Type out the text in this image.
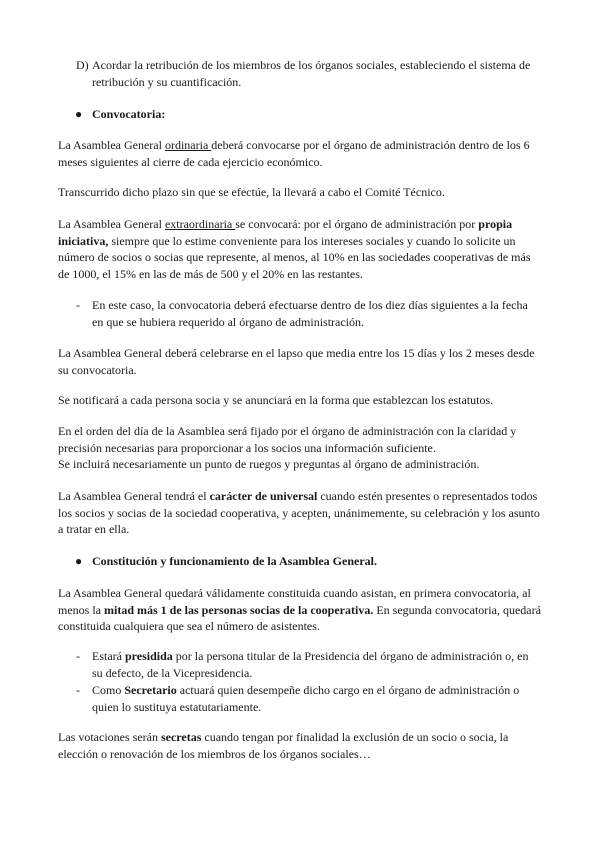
D) Acordar la retribución de los miembros de los órganos sociales, estableciendo el sistema de retribución y su cuantificación.

● Convocatoria:

La Asamblea General ordinaria deberá convocarse por el órgano de administración dentro de los 6 meses siguientes al cierre de cada ejercicio económico.

Transcurrido dicho plazo sin que se efectúe, la llevará a cabo el Comité Técnico.

La Asamblea General extraordinaria se convocará: por el órgano de administración por propia iniciativa, siempre que lo estime conveniente para los intereses sociales y cuando lo solicite un número de socios o socias que represente, al menos, al 10% en las sociedades cooperativas de más de 1000, el 15% en las de más de 500 y el 20% en las restantes.

- En este caso, la convocatoria deberá efectuarse dentro de los diez días siguientes a la fecha en que se hubiera requerido al órgano de administración.

La Asamblea General deberá celebrarse en el lapso que media entre los 15 días y los 2 meses desde su convocatoria.

Se notificará a cada persona socia y se anunciará en la forma que establezcan los estatutos.

En el orden del día de la Asamblea será fijado por el órgano de administración con la claridad y precisión necesarias para proporcionar a los socios una información suficiente.
Se incluirá necesariamente un punto de ruegos y preguntas al órgano de administración.

La Asamblea General tendrá el carácter de universal cuando estén presentes o representados todos los socios y socias de la sociedad cooperativa, y acepten, unánimemente, su celebración y los asunto a tratar en ella.

● Constitución y funcionamiento de la Asamblea General.

La Asamblea General quedará válidamente constituida cuando asistan, en primera convocatoria, al menos la mitad más 1 de las personas socias de la cooperativa. En segunda convocatoria, quedará constituida cualquiera que sea el número de asistentes.

- Estará presidida por la persona titular de la Presidencia del órgano de administración o, en su defecto, de la Vicepresidencia.

- Como Secretario actuará quien desempeñe dicho cargo en el órgano de administración o quien lo sustituya estatutariamente.

Las votaciones serán secretas cuando tengan por finalidad la exclusión de un socio o socia, la elección o renovación de los miembros de los órganos sociales…
